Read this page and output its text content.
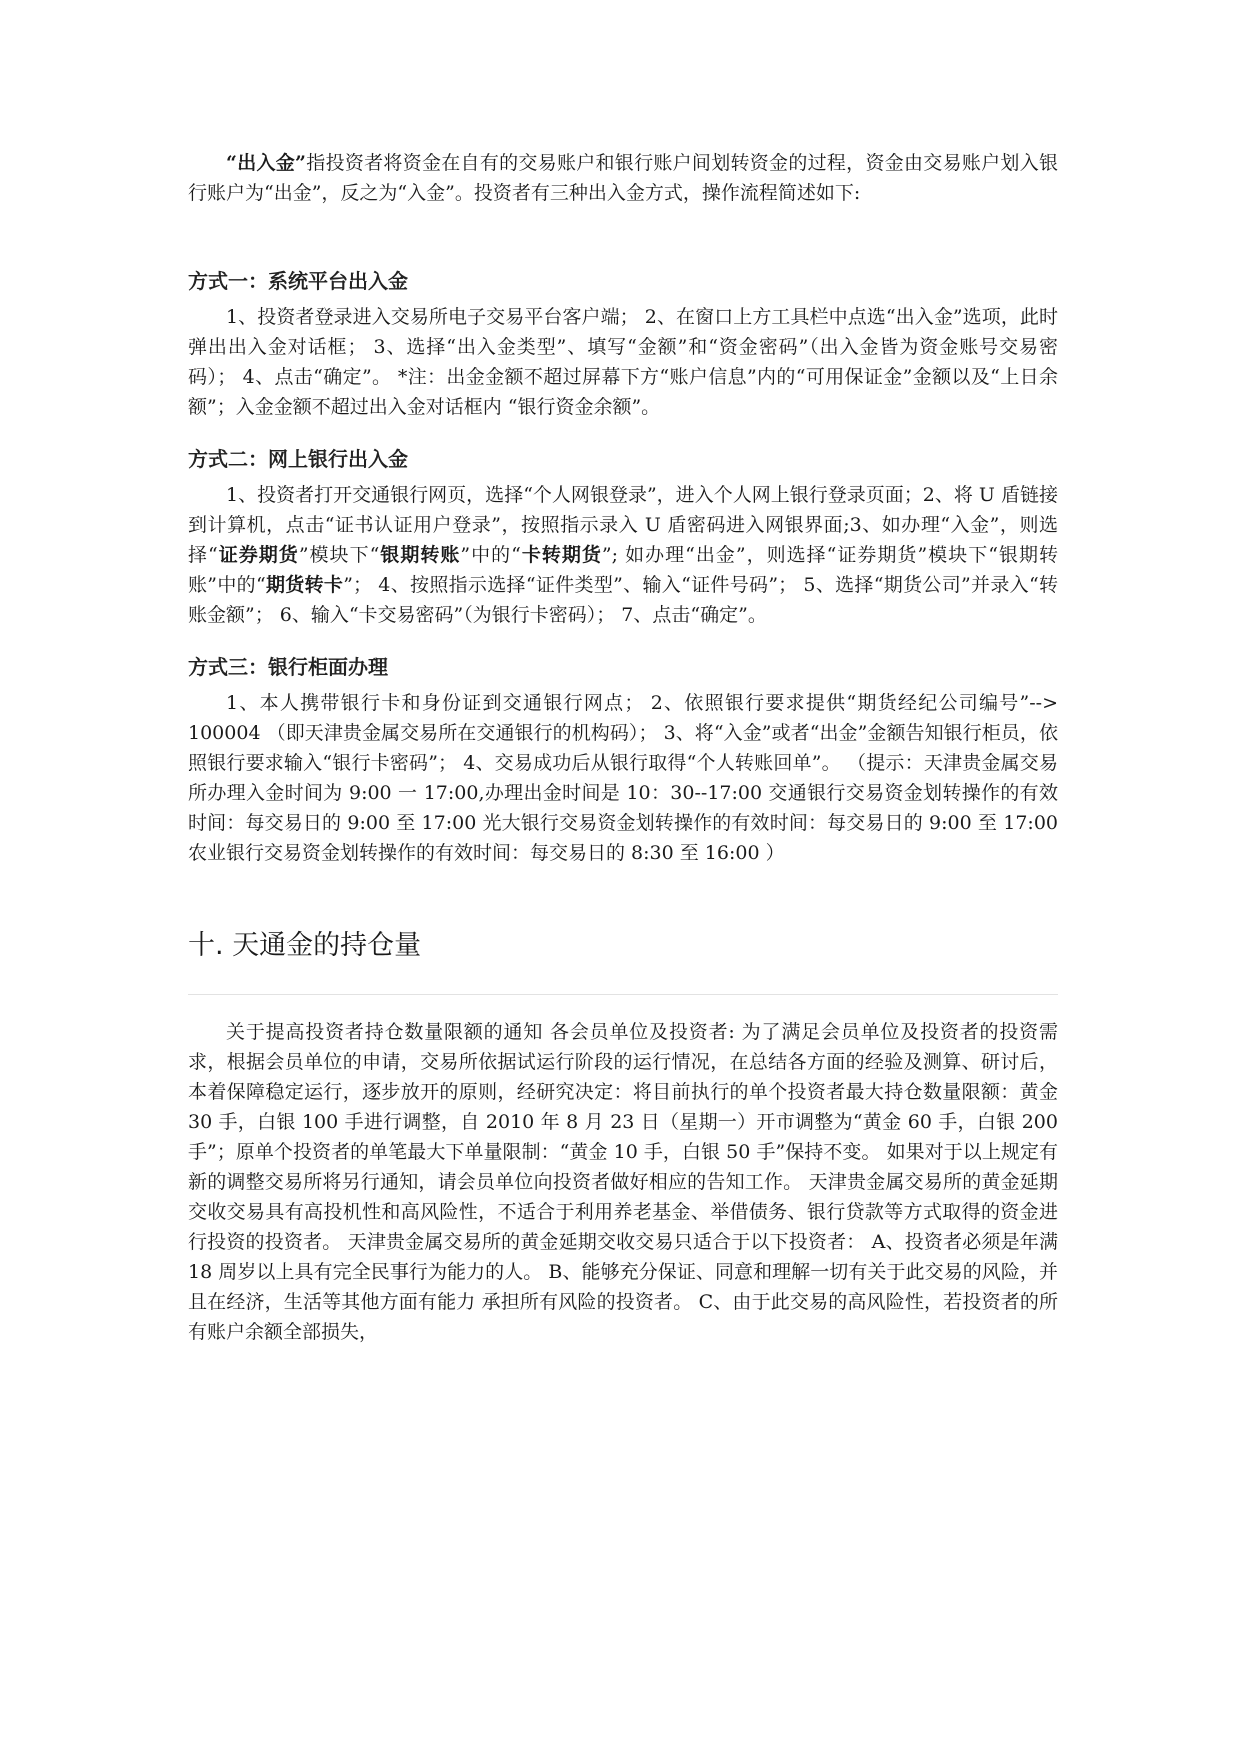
“出入金”指投资者将资金在自有的交易账户和银行账户间划转资金的过程，资金由交易账户划入银行账户为“出金”，反之为“入金”。投资者有三种出入金方式，操作流程简述如下:

方式一：系统平台出入金

1、投资者登录进入交易所电子交易平台客户端； 2、在窗口上方工具栏中点选“出入金”选项，此时弹出出入金对话框； 3、选择“出入金类型”、填写“金额”和“资金密码”（出入金皆为资金账号交易密码）； 4、点击“确定”。 *注：出金金额不超过屏幕下方“账户信息”内的“可用保证金”金额以及“上日余额”；入金金额不超过出入金对话框内 “银行资金余额”。

方式二：网上银行出入金

1、投资者打开交通银行网页，选择“个人网银登录”，进入个人网上银行登录页面；2、将 U 盾链接到计算机，点击“证书认证用户登录”，按照指示录入 U 盾密码进入网银界面;3、如办理“入金”，则选择“证券期货”模块下“银期转账”中的“卡转期货”; 如办理“出金”，则选择“证券期货”模块下“银期转账”中的“期货转卡”； 4、按照指示选择“证件类型”、输入“证件号码”； 5、选择“期货公司”并录入“转账金额”； 6、输入“卡交易密码”（为银行卡密码）； 7、点击“确定”。

方式三：银行柜面办理

1、本人携带银行卡和身份证到交通银行网点； 2、依照银行要求提供“期货经纪公司编号”--> 100004 （即天津贵金属交易所在交通银行的机构码）； 3、将“入金”或者“出金”金额告知银行柜员，依照银行要求输入“银行卡密码”； 4、交易成功后从银行取得“个人转账回单”。 （提示：天津贵金属交易所办理入金时间为 9:00 一 17:00,办理出金时间是 10：30--17:00 交通银行交易资金划转操作的有效时间：每交易日的 9:00 至 17:00 光大银行交易资金划转操作的有效时间：每交易日的 9:00 至 17:00 农业银行交易资金划转操作的有效时间：每交易日的 8:30 至 16:00 ）

十. 天通金的持仓量

关于提高投资者持仓数量限额的通知 各会员单位及投资者: 为了满足会员单位及投资者的投资需求，根据会员单位的申请，交易所依据试运行阶段的运行情况，在总结各方面的经验及测算、研讨后，本着保障稳定运行，逐步放开的原则，经研究决定：将目前执行的单个投资者最大持仓数量限额：黄金 30 手，白银 100 手进行调整，自 2010 年 8 月 23 日（星期一）开市调整为“黄金 60 手，白银 200 手”；原单个投资者的单笔最大下单量限制：“黄金 10 手，白银 50 手”保持不变。 如果对于以上规定有新的调整交易所将另行通知，请会员单位向投资者做好相应的告知工作。 天津贵金属交易所的黄金延期交收交易具有高投机性和高风险性，不适合于利用养老基金、举借债务、银行贷款等方式取得的资金进行投资的投资者。 天津贵金属交易所的黄金延期交收交易只适合于以下投资者： A、投资者必须是年满 18 周岁以上具有完全民事行为能力的人。 B、能够充分保证、同意和理解一切有关于此交易的风险，并且在经济，生活等其他方面有能力 承担所有风险的投资者。 C、由于此交易的高风险性，若投资者的所有账户余额全部损失，
